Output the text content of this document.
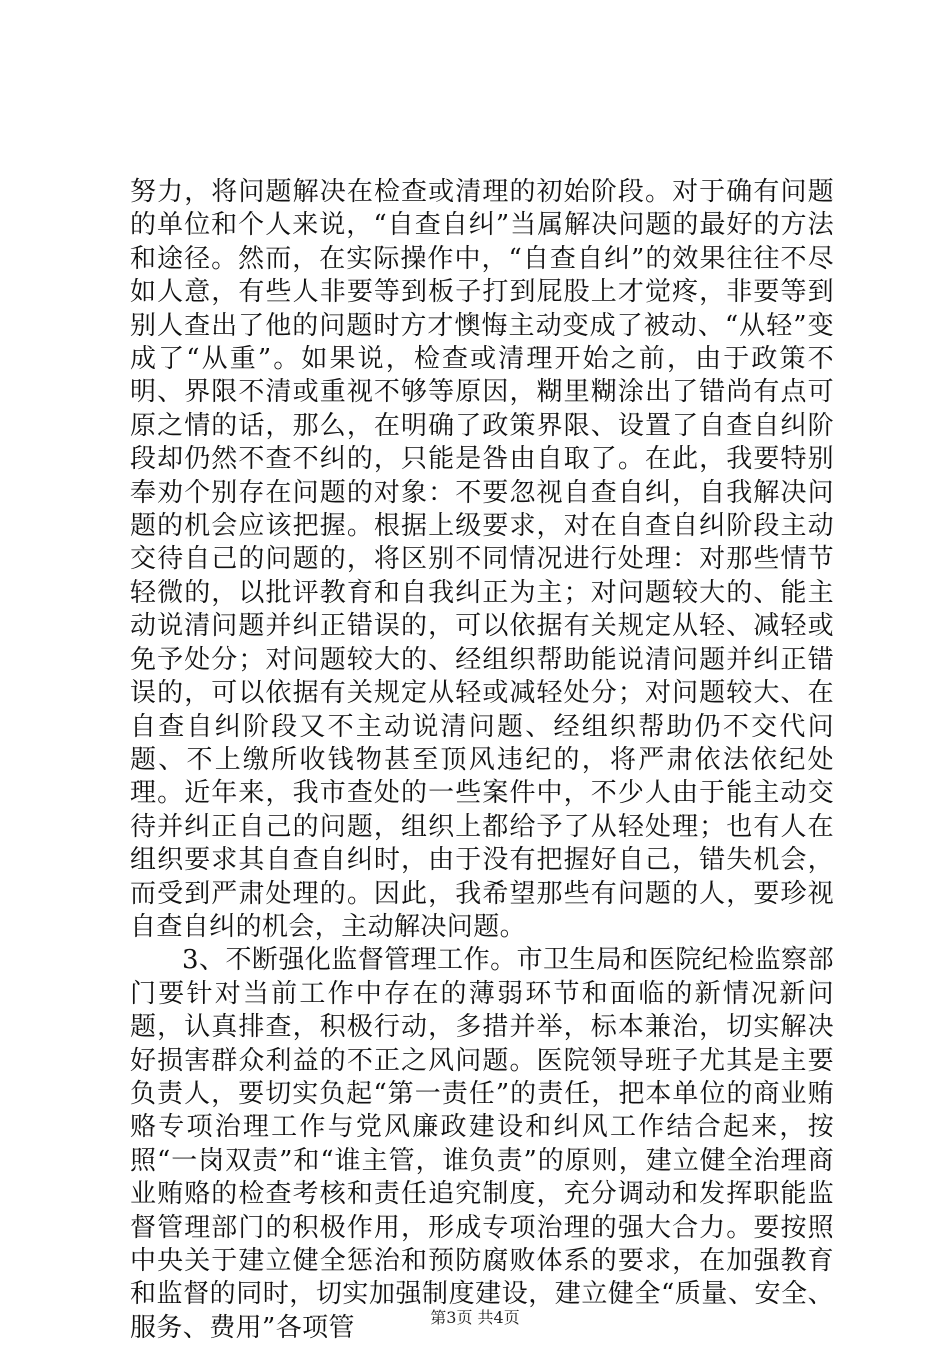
努力，将问题解决在检查或清理的初始阶段。对于确有问题的单位和个人来说，“自查自纠”当属解决问题的最好的方法和途径。然而，在实际操作中，“自查自纠”的效果往往不尽如人意，有些人非要等到板子打到屁股上才觉疼，非要等到别人查出了他的问题时方才懊悔主动变成了被动、“从轻”变成了“从重”。如果说，检查或清理开始之前，由于政策不明、界限不清或重视不够等原因，糊里糊涂出了错尚有点可原之情的话，那么，在明确了政策界限、设置了自查自纠阶段却仍然不查不纠的，只能是咎由自取了。在此，我要特别奉劝个别存在问题的对象：不要忽视自查自纠，自我解决问题的机会应该把握。根据上级要求，对在自查自纠阶段主动交待自己的问题的，将区别不同情况进行处理：对那些情节轻微的，以批评教育和自我纠正为主；对问题较大的、能主动说清问题并纠正错误的，可以依据有关规定从轻、减轻或免予处分；对问题较大的、经组织帮助能说清问题并纠正错误的，可以依据有关规定从轻或减轻处分；对问题较大、在自查自纠阶段又不主动说清问题、经组织帮助仍不交代问题、不上缴所收钱物甚至顶风违纪的，将严肃依法依纪处理。近年来，我市查处的一些案件中，不少人由于能主动交待并纠正自己的问题，组织上都给予了从轻处理；也有人在组织要求其自查自纠时，由于没有把握好自己，错失机会，而受到严肃处理的。因此，我希望那些有问题的人，要珍视自查自纠的机会，主动解决问题。

3、不断强化监督管理工作。市卫生局和医院纪检监察部门要针对当前工作中存在的薄弱环节和面临的新情况新问题，认真排查，积极行动，多措并举，标本兼治，切实解决好损害群众利益的不正之风问题。医院领导班子尤其是主要负责人，要切实负起“第一责任”的责任，把本单位的商业贿赂专项治理工作与党风廉政建设和纠风工作结合起来，按照“一岗双责”和“谁主管，谁负责”的原则，建立健全治理商业贿赂的检查考核和责任追究制度，充分调动和发挥职能监督管理部门的积极作用，形成专项治理的强大合力。要按照中央关于建立健全惩治和预防腐败体系的要求，在加强教育和监督的同时，切实加强制度建设，建立健全“质量、安全、服务、费用”各项管	第3页 共4页
